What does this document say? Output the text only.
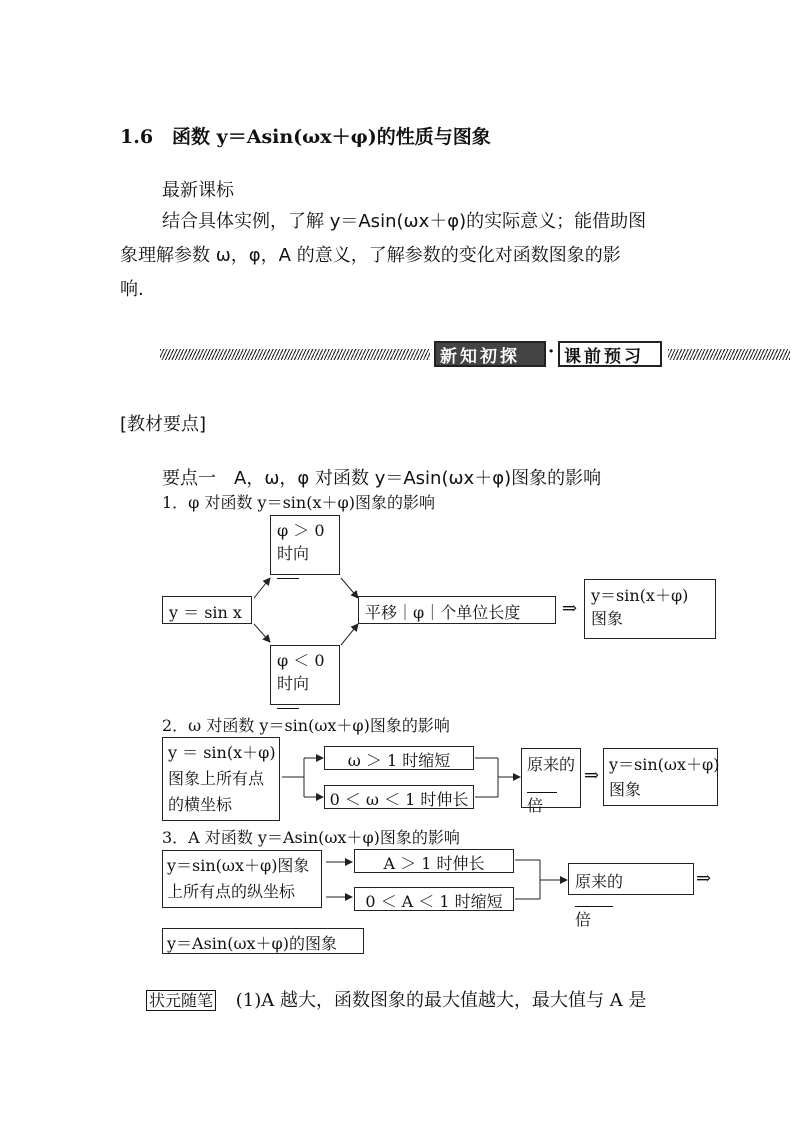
1.6　函数 y＝Asin(ωx＋φ)的性质与图象
最新课标
结合具体实例，了解 y＝Asin(ωx＋φ)的实际意义；能借助图
象理解参数 ω，φ，A 的意义，了解参数的变化对函数图象的影
响.
新知初探	· 课前预习
[教材要点]
要点一　A，ω，φ 对函数 y＝Asin(ωx＋φ)图象的影响
1．φ 对函数 y＝sin(x＋φ)图象的影响
y ＝ sin x
φ ＞ 0
时向
φ ＜ 0
时向
平移｜φ｜个单位长度	⇒
y＝sin(x＋φ)
图象
2．ω 对函数 y＝sin(ωx＋φ)图象的影响
y ＝ sin(x＋φ)
图象上所有点
的横坐标
ω ＞ 1 时缩短
0 ＜ ω ＜ 1 时伸长
原来的
倍
⇒
y＝sin(ωx＋φ)
图象
3．A 对函数 y＝Asin(ωx＋φ)图象的影响
y＝sin(ωx＋φ)图象
上所有点的纵坐标
A ＞ 1 时伸长
0 ＜ A ＜ 1 时缩短
原来的
倍
⇒
y＝Asin(ωx＋φ)的图象
状元随笔 (1)A 越大，函数图象的最大值越大，最大值与 A 是
